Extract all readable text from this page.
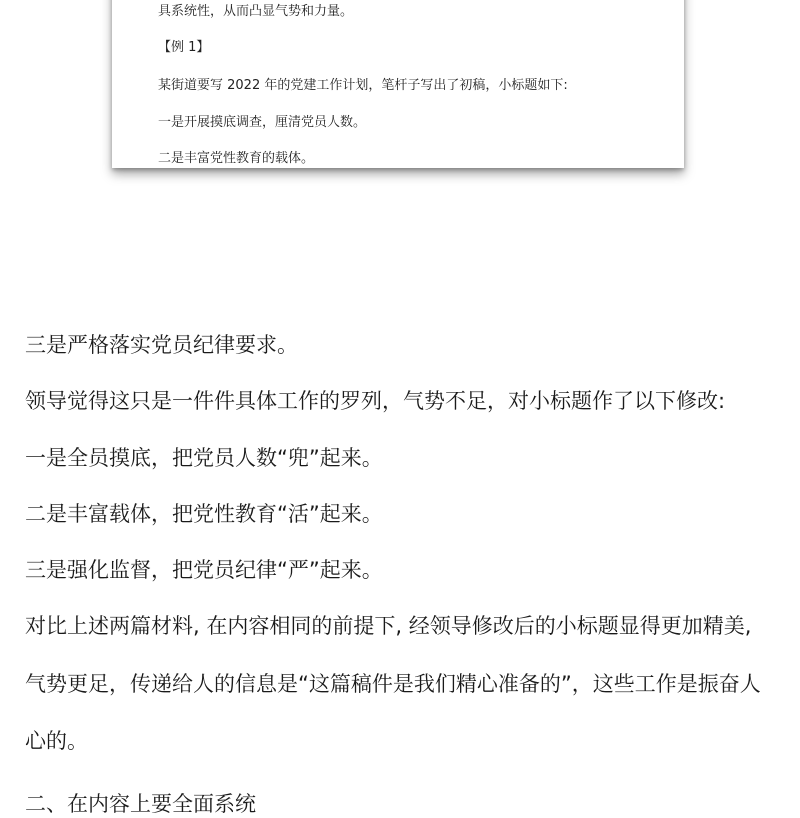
具系统性，从而凸显气势和力量。
【例 1】
某街道要写 2022 年的党建工作计划，笔杆子写出了初稿，小标题如下:
一是开展摸底调查，厘清党员人数。
二是丰富党性教育的载体。
三是严格落实党员纪律要求。
领导觉得这只是一件件具体工作的罗列，气势不足，对小标题作了以下修改:
一是全员摸底，把党员人数“兜”起来。
二是丰富载体，把党性教育“活”起来。
三是强化监督，把党员纪律“严”起来。
对比上述两篇材料, 在内容相同的前提下, 经领导修改后的小标题显得更加精美,
气势更足，传递给人的信息是“这篇稿件是我们精心准备的”，这些工作是振奋人
心的。
二、在内容上要全面系统
